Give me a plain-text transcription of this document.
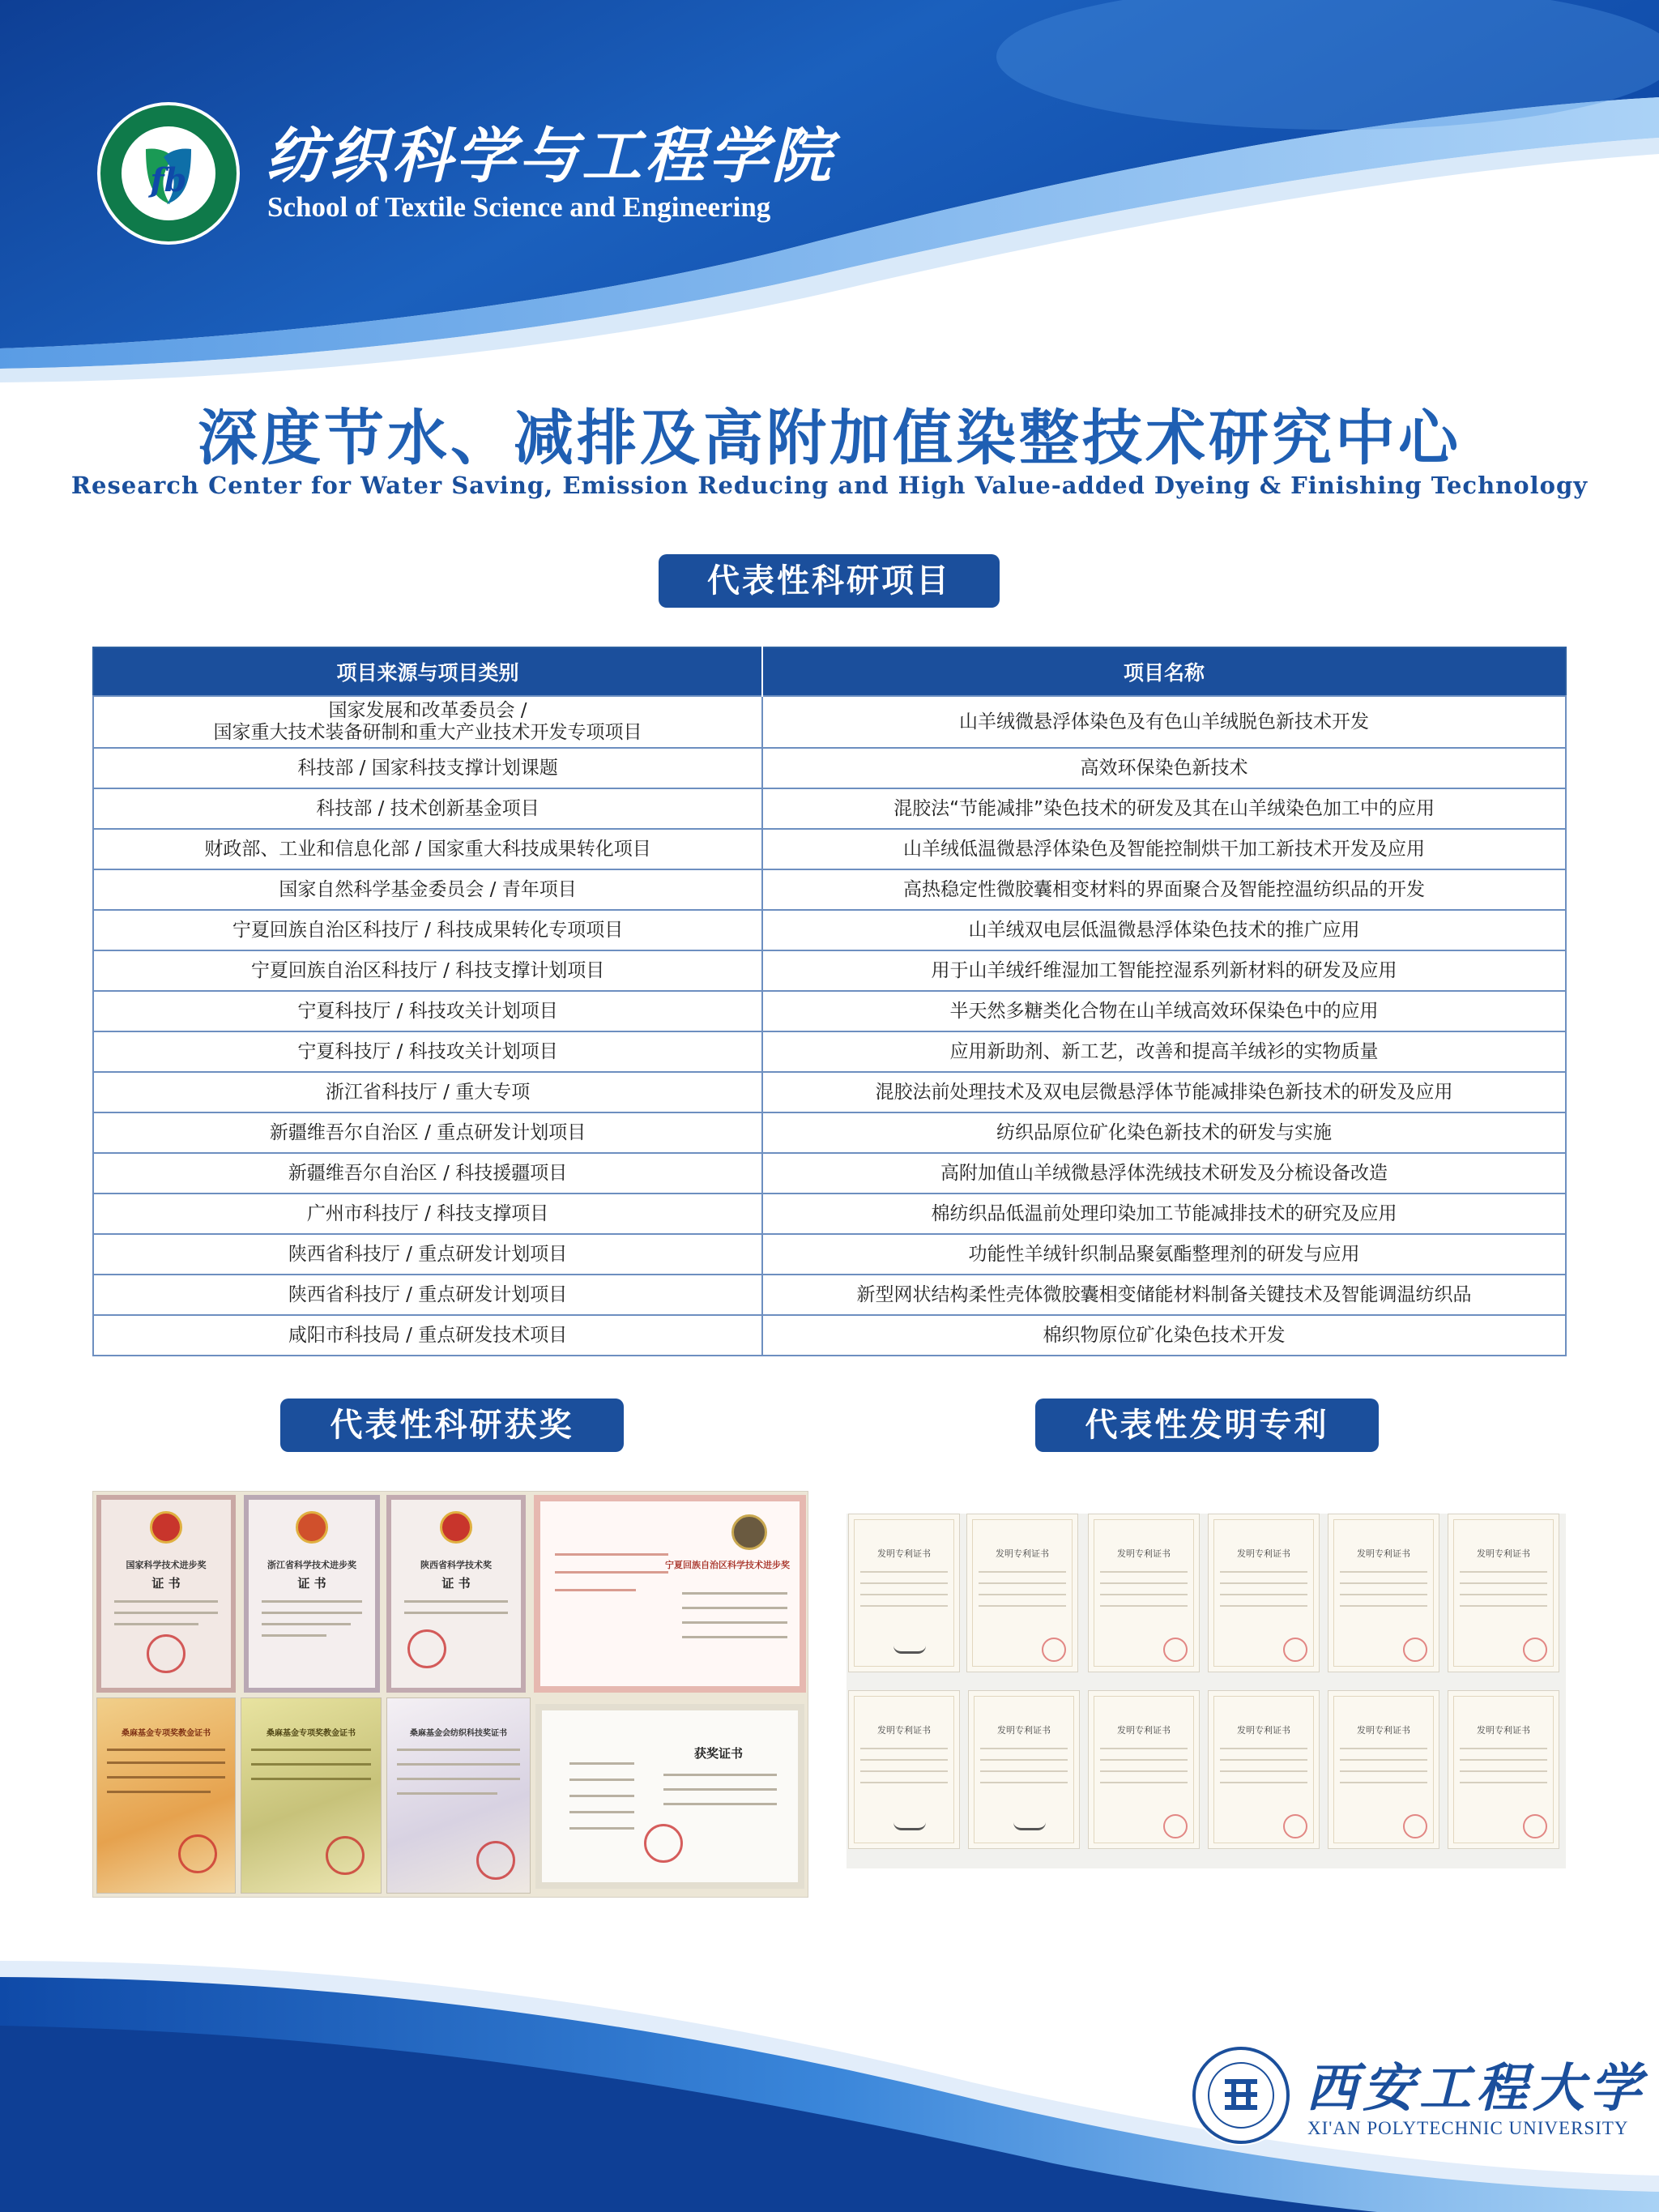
fb 纺织科学与工程学院
School of Textile Science and Engineering
深度节水、减排及高附加值染整技术研究中心
Research Center for Water Saving, Emission Reducing and High Value-added Dyeing & Finishing Technology
代表性科研项目
项目来源与项目类别	项目名称

国家发展和改革委员会 /
国家重大技术装备研制和重大产业技术开发专项项目	山羊绒微悬浮体染色及有色山羊绒脱色新技术开发
科技部 / 国家科技支撑计划课题	高效环保染色新技术
科技部 / 技术创新基金项目	混胶法“节能减排”染色技术的研发及其在山羊绒染色加工中的应用
财政部、工业和信息化部 / 国家重大科技成果转化项目	山羊绒低温微悬浮体染色及智能控制烘干加工新技术开发及应用
国家自然科学基金委员会 / 青年项目	高热稳定性微胶囊相变材料的界面聚合及智能控温纺织品的开发
宁夏回族自治区科技厅 / 科技成果转化专项项目	山羊绒双电层低温微悬浮体染色技术的推广应用
宁夏回族自治区科技厅 / 科技支撑计划项目	用于山羊绒纤维湿加工智能控湿系列新材料的研发及应用
宁夏科技厅 / 科技攻关计划项目	半天然多糖类化合物在山羊绒高效环保染色中的应用
宁夏科技厅 / 科技攻关计划项目	应用新助剂、新工艺，改善和提高羊绒衫的实物质量
浙江省科技厅 / 重大专项	混胶法前处理技术及双电层微悬浮体节能减排染色新技术的研发及应用
新疆维吾尔自治区 / 重点研发计划项目	纺织品原位矿化染色新技术的研发与实施
新疆维吾尔自治区 / 科技援疆项目	高附加值山羊绒微悬浮体洗绒技术研发及分梳设备改造
广州市科技厅 / 科技支撑项目	棉纺织品低温前处理印染加工节能减排技术的研究及应用
陕西省科技厅 / 重点研发计划项目	功能性羊绒针织制品聚氨酯整理剂的研发与应用
陕西省科技厅 / 重点研发计划项目	新型网状结构柔性壳体微胶囊相变储能材料制备关键技术及智能调温纺织品
咸阳市科技局 / 重点研发技术项目	棉织物原位矿化染色技术开发
代表性科研获奖	代表性发明专利
国家科学技术进步奖
证 书
浙江省科学技术进步奖
证 书
陕西省科学技术奖
证 书
宁夏回族自治区科学技术进步奖
桑麻基金专项奖教金证书	桑麻基金专项奖教金证书	桑麻基金会纺织科技奖证书
获奖证书
发明专利证书	发明专利证书	发明专利证书	发明专利证书	发明专利证书	发明专利证书
发明专利证书	发明专利证书	发明专利证书	发明专利证书	发明专利证书	发明专利证书
西安工程大学
XI'AN POLYTECHNIC UNIVERSITY
